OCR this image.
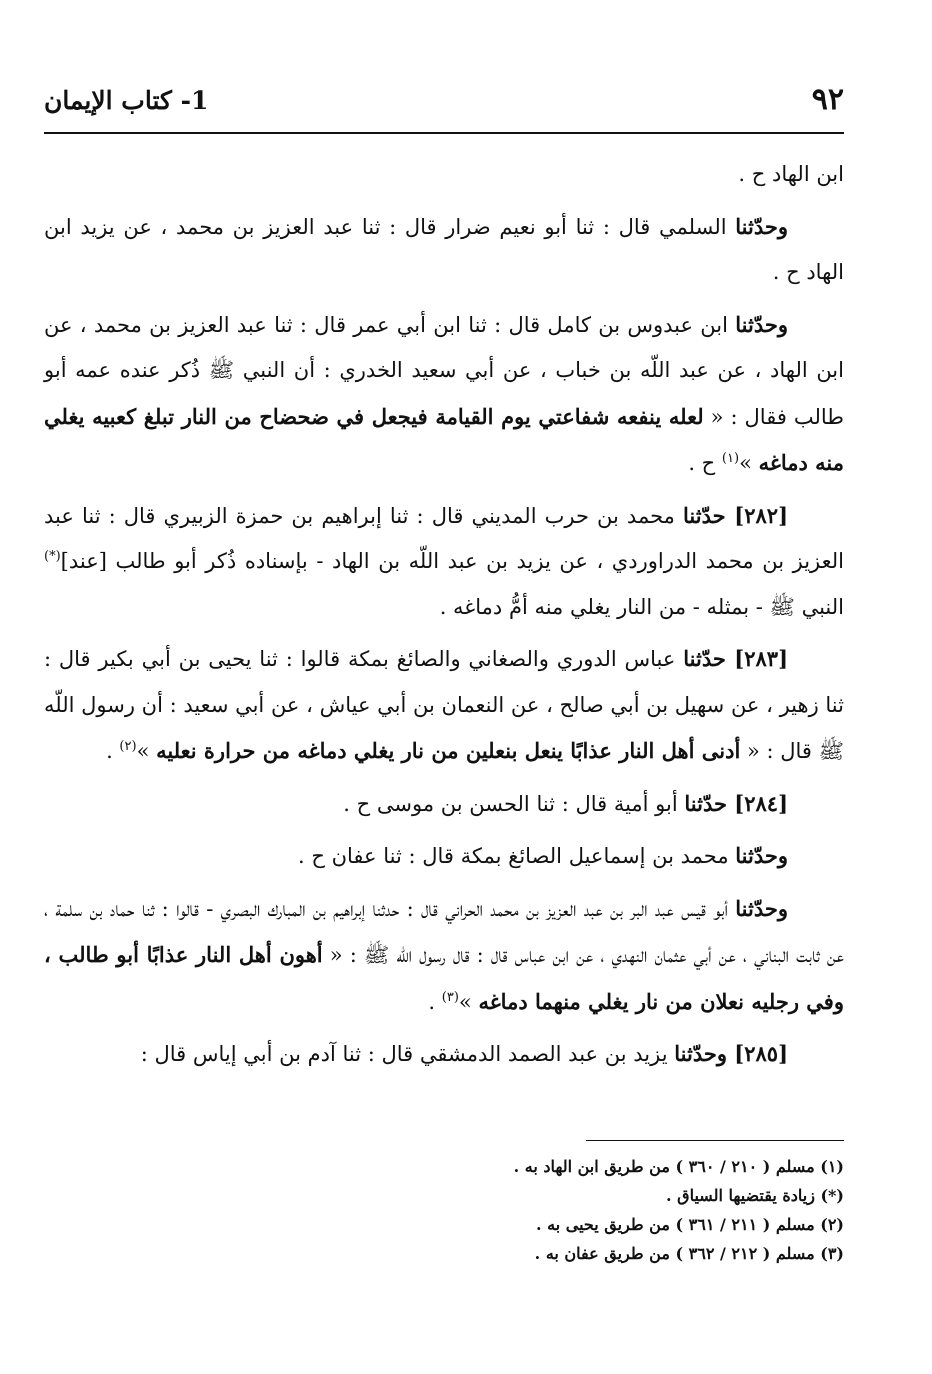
٩٢
1- كتاب الإيمان

ابن الهاد ح .

وحدّثنا السلمي قال : ثنا أبو نعيم ضرار قال : ثنا عبد العزيز بن محمد ، عن يزيد ابن الهاد ح .

وحدّثنا ابن عبدوس بن كامل قال : ثنا ابن أبي عمر قال : ثنا عبد العزيز بن محمد ، عن ابن الهاد ، عن عبد اللّه بن خباب ، عن أبي سعيد الخدري : أن النبي ﷺ ذُكر عنده عمه أبو طالب فقال : « لعله ينفعه شفاعتي يوم القيامة فيجعل في ضحضاح من النار تبلغ كعبيه يغلي منه دماغه »$^{(١)}$ ح .

[٢٨٢] حدّثنا محمد بن حرب المديني قال : ثنا إبراهيم بن حمزة الزبيري قال : ثنا عبد العزيز بن محمد الدراوردي ، عن يزيد بن عبد اللّه بن الهاد - بإسناده ذُكر أبو طالب [عند](*) النبي ﷺ - بمثله - من النار يغلي منه أمُّ دماغه .

[٢٨٣] حدّثنا عباس الدوري والصغاني والصائغ بمكة قالوا : ثنا يحيى بن أبي بكير قال : ثنا زهير ، عن سهيل بن أبي صالح ، عن النعمان بن أبي عياش ، عن أبي سعيد : أن رسول اللّه ﷺ قال : « أدنى أهل النار عذابًا ينعل بنعلين من نار يغلي دماغه من حرارة نعليه »$^{(٢)}$ .

[٢٨٤] حدّثنا أبو أمية قال : ثنا الحسن بن موسى ح .

وحدّثنا محمد بن إسماعيل الصائغ بمكة قال : ثنا عفان ح .

وحدّثنا أبو قيس عبد البر بن عبد العزيز بن محمد الحراني قال : حدثنا إبراهيم بن المبارك البصري - قالوا : ثنا حماد بن سلمة ، عن ثابت البناني ، عن أبي عثمان النهدي ، عن ابن عباس قال : قال رسول اللّه ﷺ : « أهون أهل النار عذابًا أبو طالب ، وفي رجليه نعلان من نار يغلي منهما دماغه »$^{(٣)}$ .

[٢٨٥] وحدّثنا يزيد بن عبد الصمد الدمشقي قال : ثنا آدم بن أبي إياس قال :

(١) مسلم ( ٢١٠ / ٣٦٠ ) من طريق ابن الهاد به .

(*) زيادة يقتضيها السياق .

(٢) مسلم ( ٢١١ / ٣٦١ ) من طريق يحيى به .

(٣) مسلم ( ٢١٢ / ٣٦٢ ) من طريق عفان به .
